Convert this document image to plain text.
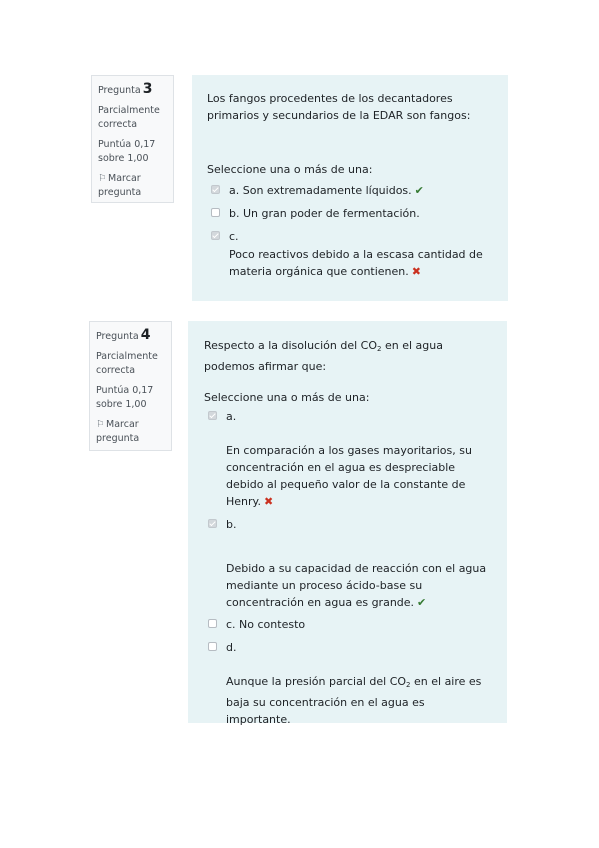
Pregunta 3
Parcialmente correcta
Puntúa 0,17
sobre 1,00
⚐Marcar pregunta

Los fangos procedentes de los decantadores primarios y secundarios de la EDAR son fangos:

Seleccione una o más de una:

a. Son extremadamente líquidos. ✔
b. Un gran poder de fermentación.
c.
Poco reactivos debido a la escasa cantidad de materia orgánica que contienen. ✖
Pregunta 4
Parcialmente correcta
Puntúa 0,17
sobre 1,00
⚐Marcar pregunta

Respecto a la disolución del $CO_2$ en el agua podemos afirmar que:

Seleccione una o más de una:

a.
En comparación a los gases mayoritarios, su concentración en el agua es despreciable debido al pequeño valor de la constante de Henry. ✖
b.
Debido a su capacidad de reacción con el agua mediante un proceso ácido-base su concentración en agua es grande. ✔
c. No contesto
d.
Aunque la presión parcial del $CO_2$ en el aire es baja su concentración en el agua es importante.
